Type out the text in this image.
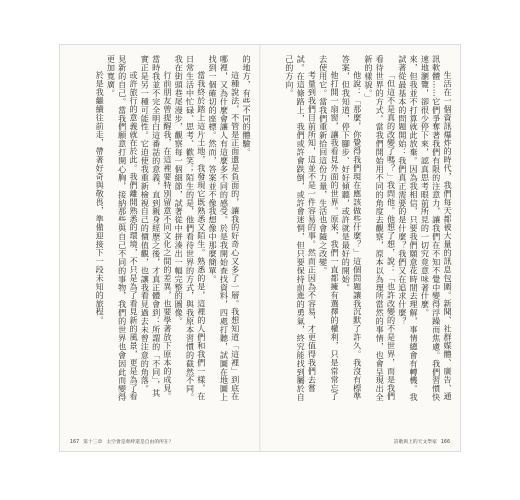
的地方，有些不同的體驗。

這種說法，不管是正面還是負面的，讓我的好奇心又多了一層。我想知道「這裡」到底在哪裡，又為什麼會讓人有這麼多不同的感受。於是我開始查找資料，四處打聽，試圖在地圖上找到一個確切的座標。然而，答案並不像我想像中那麼簡單。

當我終於踏上這片土地，我發現它既熟悉又陌生。熟悉的是，這裡的人們和我們一樣，在日常生活中忙碌、思考、歡笑；陌生的是，他們看待世界的方式，與我原本習慣的截然不同。我在街頭巷尾漫步，觀察每一個細節，試著從中拼湊出一幅完整的圖像。

行前朋友曾提醒我，在這裡要特別留意不同文化之間的差異，也要學著放下原本的成見。當時我並不完全明白這番話的意義，直到親身經歷之後，才真正體會到：所謂的「不同」，其實正是另一種可能性。它迫使我重新檢視自己的價值觀，也讓我看見過去未曾注意的角落。

或許旅行的意義就在於此。我們離開熟悉的環境，不只是為了看見新的風景，更是為了看見新的自己。當我們願意打開心胸，接納那些與自己不同的事物，我們的世界也會因此而變得更加寬廣。

於是我繼續往前走，帶著好奇與敬畏，準備迎接下一段未知的旅程。

167 第十三章 太空會是牽絆還是自由的所在？

生活在一個資訊爆炸的時代，我們每天都被大量的訊息包圍。新聞、社群媒體、廣告、通訊軟體……它們爭奪著我們有限的注意力，讓我們在不知不覺中變得浮躁而焦慮。我們習慣快速地瀏覽，卻很少停下來，認真思考眼前所見的一切究竟意味著什麼。

來，但我並不打算就此放棄。因為我相信，只要我們願意花時間去理解，事情總會有轉機。我試著從最基本的問題開始：我們真正需要的是什麼？我們又在追求什麼？

「但這不是真的改變了嗎？」我問他。他想了想，說：「也許改變的不是世界，而是我們看待世界的方式。當我們開始用不同的角度去觀察，原本以為理所當然的事情，也會呈現出全新的樣貌。」

他說：「那麼，你覺得我們現在應該做些什麼？」這個問題讓我沉默了許久。我沒有標準答案，但我知道，停下腳步、好好傾聽，或許就是最好的開始。

他打開一扇窗，讓我看見外面的世界。原來，我們一直都擁有選擇的權利，只是常常忘了去使用它。當我們重新拾回這份力量，生活也會隨之改變。

考量到我們目前所知，這並不是一件容易的事。然而正因為不容易，才更值得我們去嘗試。在這條路上，我們或許會跌倒，或許會迷惘，但只要保持前進的勇氣，終究能找到屬於自己的方向。

詩歌與上的天文學家 166
